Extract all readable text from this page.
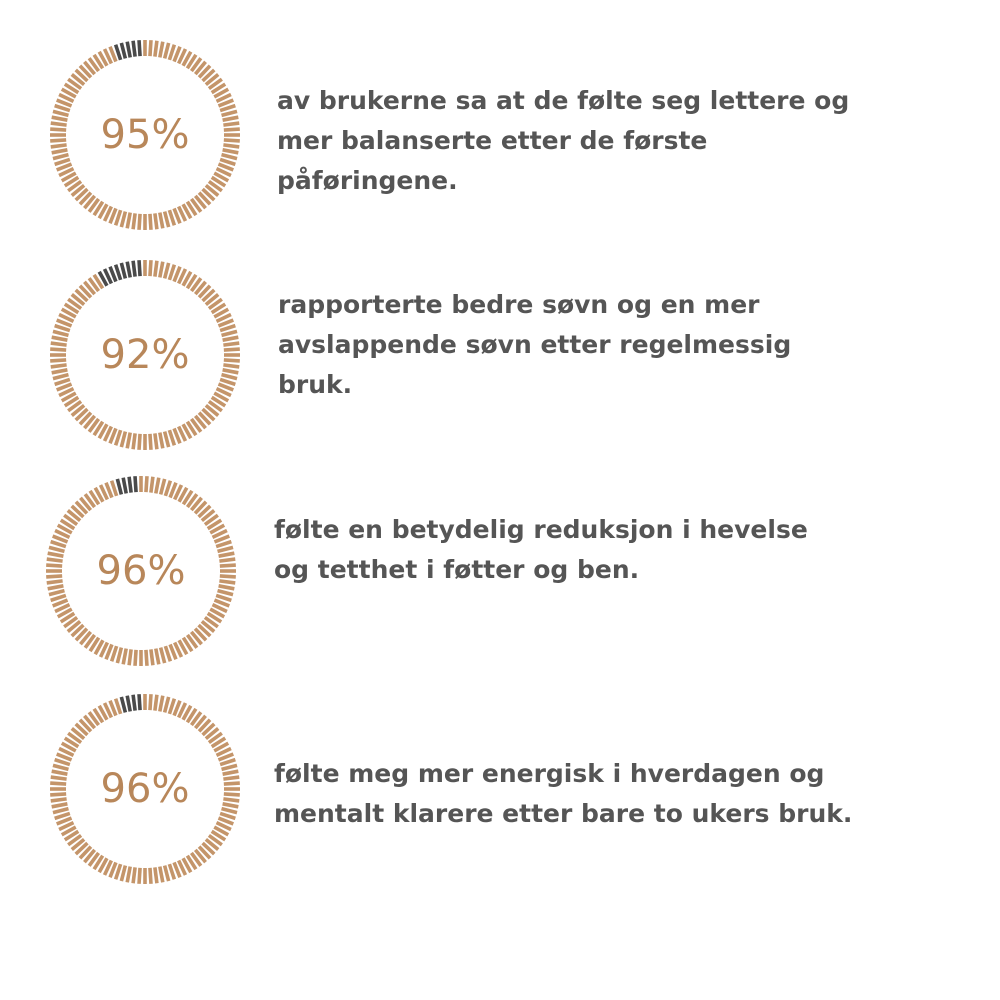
95%
av brukerne sa at de følte seg lettere og
mer balanserte etter de første
påføringene.
92%
rapporterte bedre søvn og en mer
avslappende søvn etter regelmessig
bruk.
96%
følte en betydelig reduksjon i hevelse
og tetthet i føtter og ben.
96%	følte meg mer energisk i hverdagen og
mentalt klarere etter bare to ukers bruk.
